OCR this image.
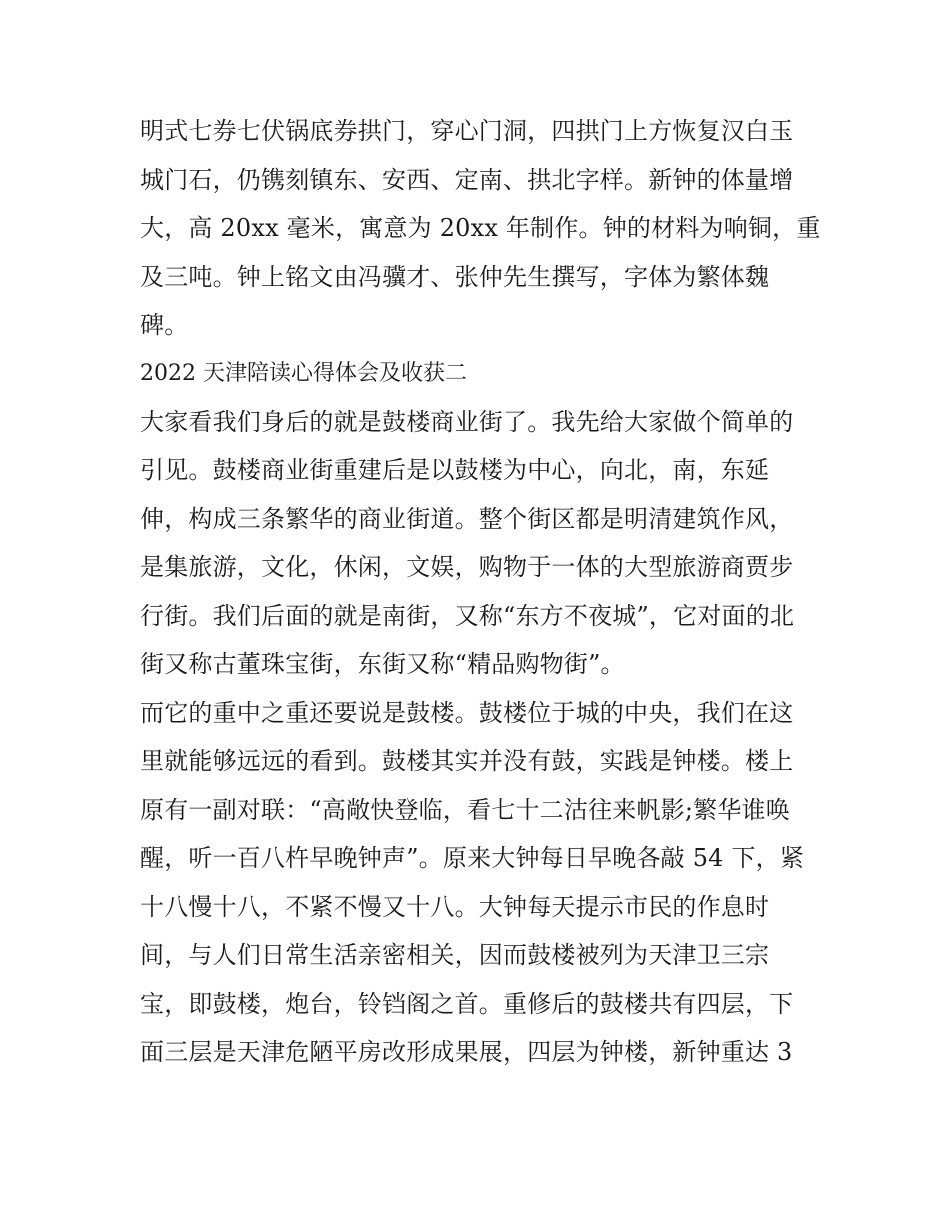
明式七券七伏锅底券拱门，穿心门洞，四拱门上方恢复汉白玉
城门石，仍镌刻镇东、安西、定南、拱北字样。新钟的体量增
大，高 20xx 毫米，寓意为 20xx 年制作。钟的材料为响铜，重
及三吨。钟上铭文由冯骥才、张仲先生撰写，字体为繁体魏
碑。
2022 天津陪读心得体会及收获二
大家看我们身后的就是鼓楼商业街了。我先给大家做个简单的
引见。鼓楼商业街重建后是以鼓楼为中心，向北，南，东延
伸，构成三条繁华的商业街道。整个街区都是明清建筑作风，
是集旅游，文化，休闲，文娱，购物于一体的大型旅游商贾步
行街。我们后面的就是南街，又称“东方不夜城”，它对面的北
街又称古董珠宝街，东街又称“精品购物街”。
而它的重中之重还要说是鼓楼。鼓楼位于城的中央，我们在这
里就能够远远的看到。鼓楼其实并没有鼓，实践是钟楼。楼上
原有一副对联：“高敞快登临，看七十二沽往来帆影;繁华谁唤
醒，听一百八杵早晚钟声”。原来大钟每日早晚各敲 54 下，紧
十八慢十八，不紧不慢又十八。大钟每天提示市民的作息时
间，与人们日常生活亲密相关，因而鼓楼被列为天津卫三宗
宝，即鼓楼，炮台，铃铛阁之首。重修后的鼓楼共有四层，下
面三层是天津危陋平房改形成果展，四层为钟楼，新钟重达 3
